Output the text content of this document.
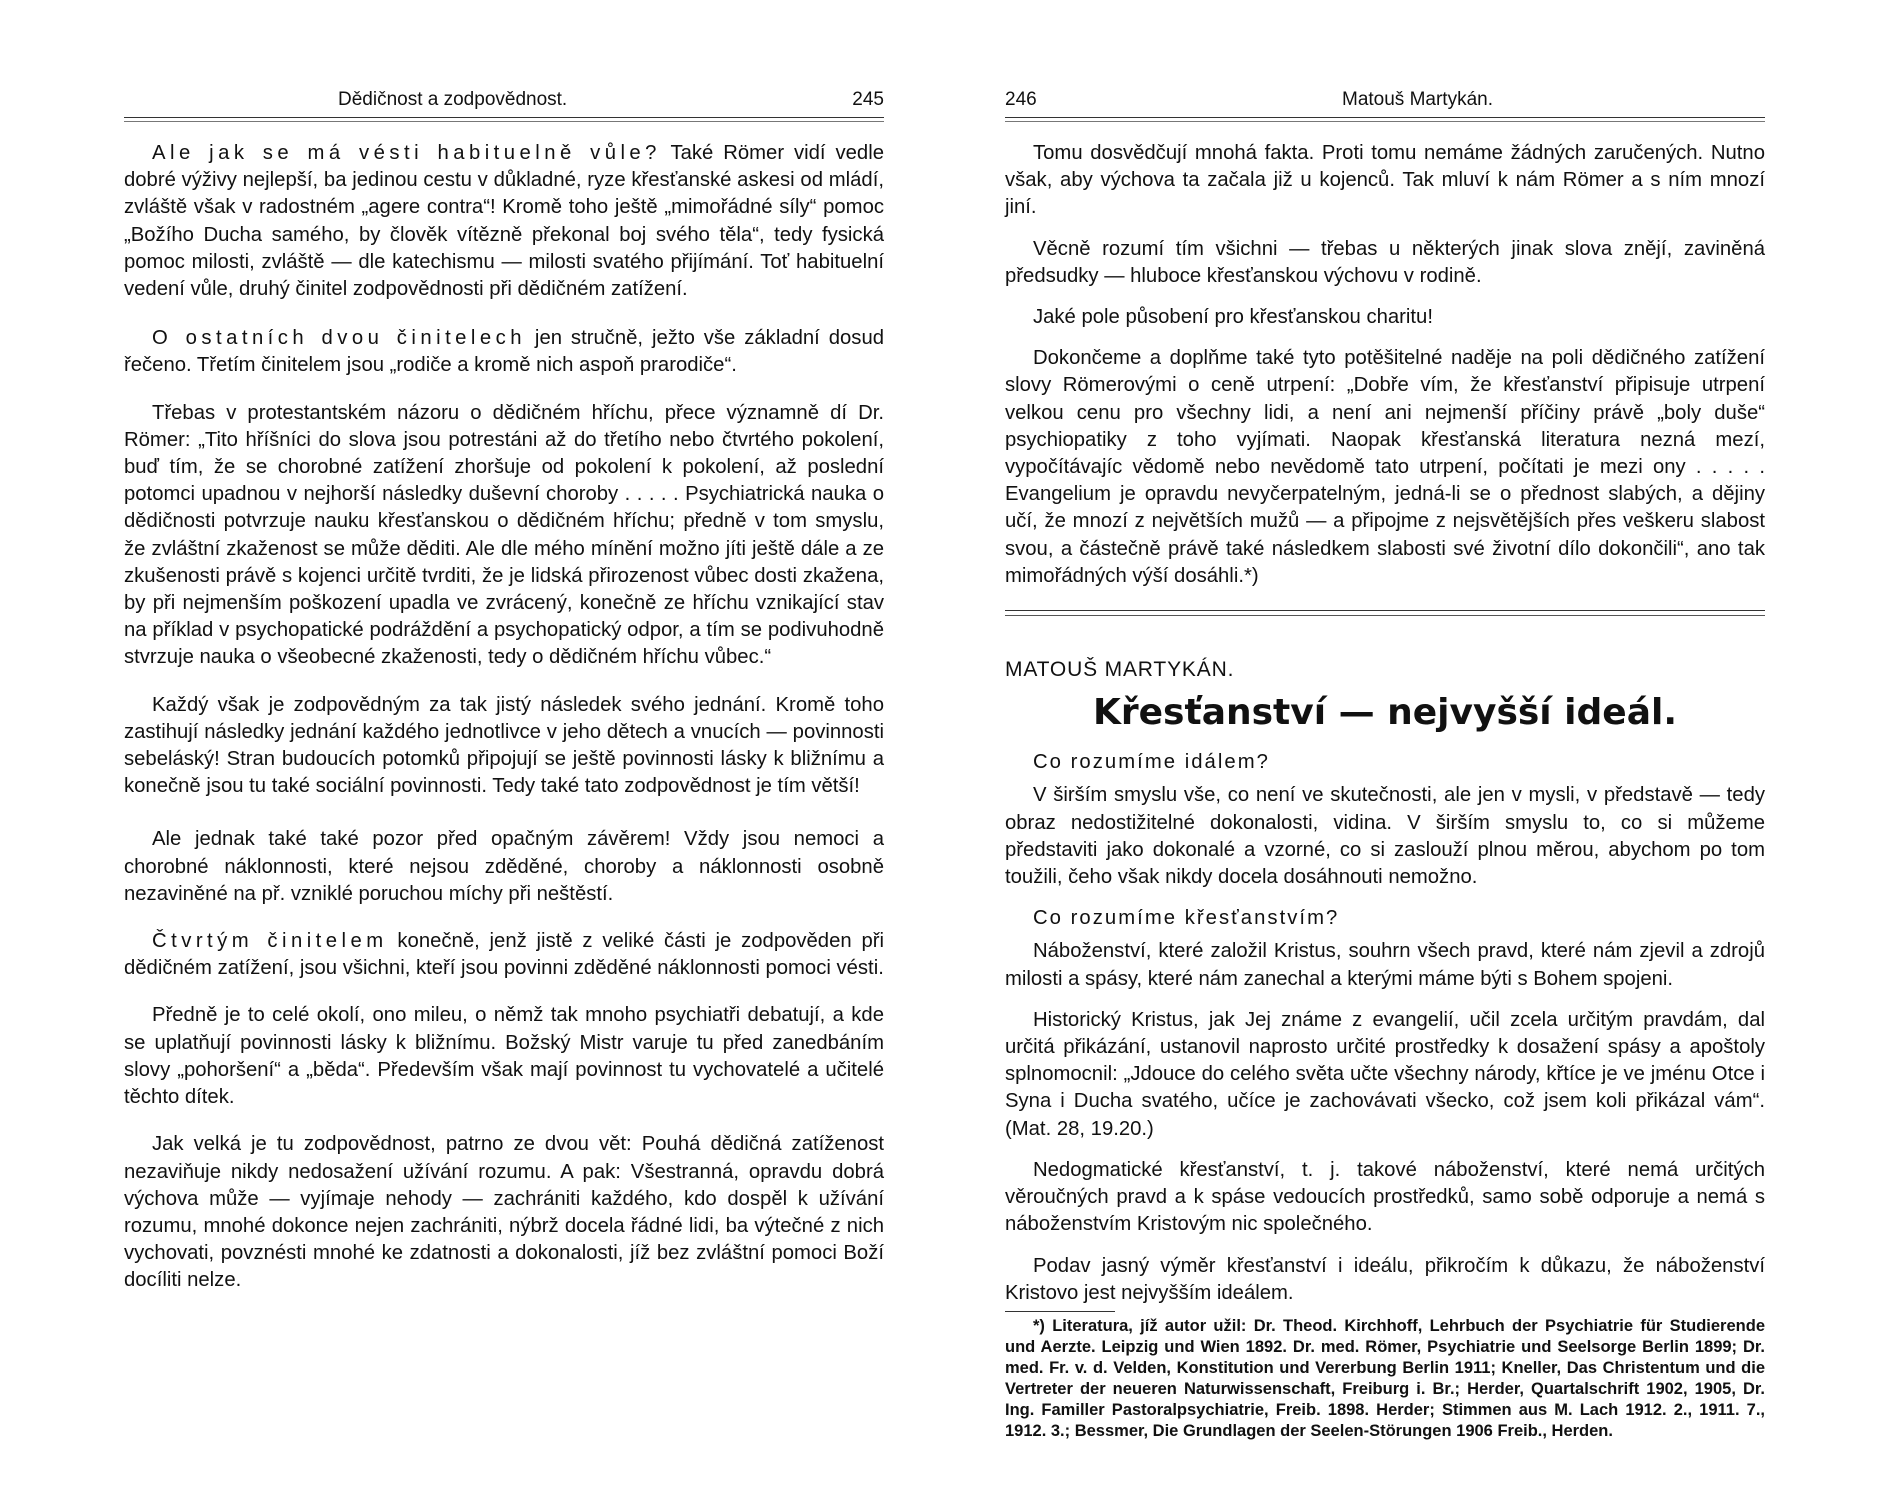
Dědičnost a zodpovědnost.	245

Ale jak se má vésti habituelně vůle? Také Römer vidí vedle dobré výživy nejlepší, ba jedinou cestu v důkladné, ryze křesťanské askesi od mládí, zvláště však v radostném „agere contra“! Kromě toho ještě „mimořádné síly“ pomoc „Božího Ducha samého, by člověk vítězně překonal boj svého těla“, tedy fysická pomoc milosti, zvláště — dle katechismu — milosti svatého přijímání. Toť habituelní vedení vůle, druhý činitel zodpovědnosti při dědičném zatížení.

O ostatních dvou činitelech jen stručně, ježto vše základní dosud řečeno. Třetím činitelem jsou „rodiče a kromě nich aspoň prarodiče“.

Třebas v protestantském názoru o dědičném hříchu, přece významně dí Dr. Römer: „Tito hříšníci do slova jsou potrestáni až do třetího nebo čtvrtého pokolení, buď tím, že se chorobné zatížení zhoršuje od pokolení k pokolení, až poslední potomci upadnou v nejhorší následky duševní choroby . . . . . Psychiatrická nauka o dědičnosti potvrzuje nauku křesťanskou o dědičném hříchu; předně v tom smyslu, že zvláštní zkaženost se může děditi. Ale dle mého mínění možno jíti ještě dále a ze zkušenosti právě s kojenci určitě tvrditi, že je lidská přirozenost vůbec dosti zkažena, by při nejmenším poškození upadla ve zvrácený, konečně ze hříchu vznikající stav na příklad v psychopatické podráždění a psychopatický odpor, a tím se podivuhodně stvrzuje nauka o všeobecné zkaženosti, tedy o dědičném hříchu vůbec.“

Každý však je zodpovědným za tak jistý následek svého jednání. Kromě toho zastihují následky jednání každého jednotlivce v jeho dětech a vnucích — povinnosti sebeláský! Stran budoucích potomků připojují se ještě povinnosti lásky k bližnímu a konečně jsou tu také sociální povinnosti. Tedy také tato zodpovědnost je tím větší!

Ale jednak také také pozor před opačným závěrem! Vždy jsou nemoci a chorobné náklonnosti, které nejsou zděděné, choroby a náklonnosti osobně nezaviněné na př. vzniklé poruchou míchy při neštěstí.

Čtvrtým činitelem konečně, jenž jistě z veliké části je zodpověden při dědičném zatížení, jsou všichni, kteří jsou povinni zděděné náklonnosti pomoci vésti.

Předně je to celé okolí, ono mileu, o němž tak mnoho psychiatři debatují, a kde se uplatňují povinnosti lásky k bližnímu. Božský Mistr varuje tu před zanedbáním slovy „pohoršení“ a „běda“. Především však mají povinnost tu vychovatelé a učitelé těchto dítek.

Jak velká je tu zodpovědnost, patrno ze dvou vět: Pouhá dědičná zatíženost nezaviňuje nikdy nedosažení užívání rozumu. A pak: Všestranná, opravdu dobrá výchova může — vyjímaje nehody — zachrániti každého, kdo dospěl k užívání rozumu, mnohé dokonce nejen zachrániti, nýbrž docela řádné lidi, ba výtečné z nich vychovati, povznésti mnohé ke zdatnosti a dokonalosti, jíž bez zvláštní pomoci Boží docíliti nelze.

246	Matouš Martykán.

Tomu dosvědčují mnohá fakta. Proti tomu nemáme žádných zaručených. Nutno však, aby výchova ta začala již u kojenců. Tak mluví k nám Römer a s ním mnozí jiní.

Věcně rozumí tím všichni — třebas u některých jinak slova znějí, zaviněná předsudky — hluboce křesťanskou výchovu v rodině.

Jaké pole působení pro křesťanskou charitu!

Dokončeme a doplňme také tyto potěšitelné naděje na poli dědičného zatížení slovy Römerovými o ceně utrpení: „Dobře vím, že křesťanství připisuje utrpení velkou cenu pro všechny lidi, a není ani nejmenší příčiny právě „boly duše“ psychiopatiky z toho vyjímati. Naopak křesťanská literatura nezná mezí, vypočítávajíc vědomě nebo nevědomě tato utrpení, počítati je mezi ony . . . . . Evangelium je opravdu nevyčerpatelným, jedná-li se o přednost slabých, a dějiny učí, že mnozí z největších mužů — a připojme z nejsvětějších přes veškeru slabost svou, a částečně právě také následkem slabosti své životní dílo dokončili“, ano tak mimořádných výší dosáhli.*)

MATOUŠ MARTYKÁN.
Křesťanství — nejvyšší ideál.
Co rozumíme idálem?

V širším smyslu vše, co není ve skutečnosti, ale jen v mysli, v představě — tedy obraz nedostižitelné dokonalosti, vidina. V širším smyslu to, co si můžeme představiti jako dokonalé a vzorné, co si zaslouží plnou měrou, abychom po tom toužili, čeho však nikdy docela dosáhnouti nemožno.

Co rozumíme křesťanstvím?

Náboženství, které založil Kristus, souhrn všech pravd, které nám zjevil a zdrojů milosti a spásy, které nám zanechal a kterými máme býti s Bohem spojeni.

Historický Kristus, jak Jej známe z evangelií, učil zcela určitým pravdám, dal určitá přikázání, ustanovil naprosto určité prostředky k dosažení spásy a apoštoly splnomocnil: „Jdouce do celého světa učte všechny národy, křtíce je ve jménu Otce i Syna i Ducha svatého, učíce je zachovávati všecko, což jsem koli přikázal vám“. (Mat. 28, 19.20.)

Nedogmatické křesťanství, t. j. takové náboženství, které nemá určitých věroučných pravd a k spáse vedoucích prostředků, samo sobě odporuje a nemá s náboženstvím Kristovým nic společného.

Podav jasný výměr křesťanství i ideálu, přikročím k důkazu, že náboženství Kristovo jest nejvyšším ideálem.

*) Literatura, jíž autor užil: Dr. Theod. Kirchhoff, Lehrbuch der Psychiatrie für Studierende und Aerzte. Leipzig und Wien 1892. Dr. med. Römer, Psychiatrie und Seelsorge Berlin 1899; Dr. med. Fr. v. d. Velden, Konstitution und Vererbung Berlin 1911; Kneller, Das Christentum und die Vertreter der neueren Naturwissenschaft, Freiburg i. Br.; Herder, Quartalschrift 1902, 1905, Dr. Ing. Familler Pastoralpsychiatrie, Freib. 1898. Herder; Stimmen aus M. Lach 1912. 2., 1911. 7., 1912. 3.; Bessmer, Die Grundlagen der Seelen-Störungen 1906 Freib., Herden.
